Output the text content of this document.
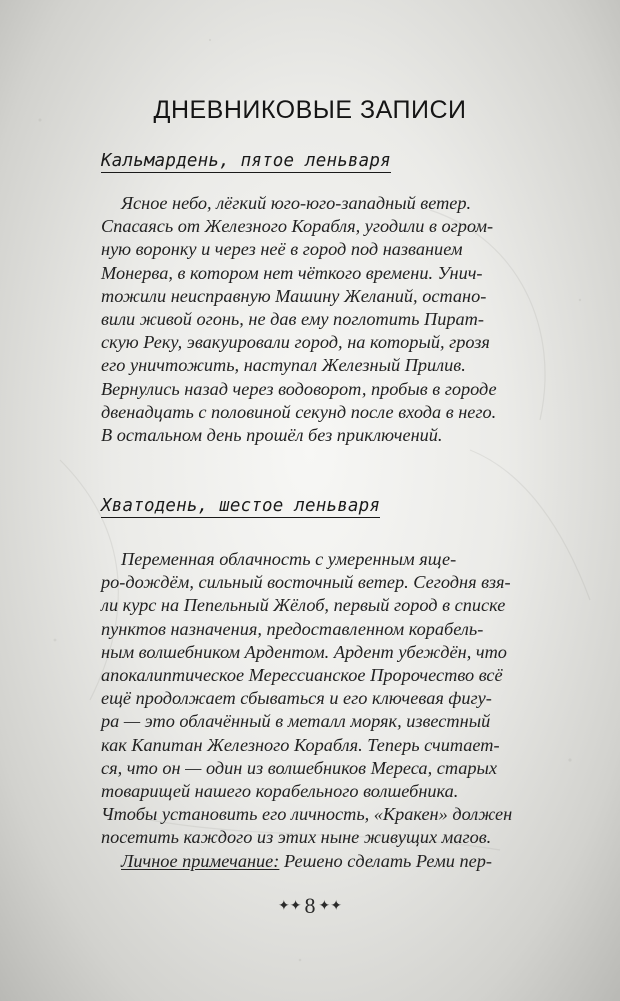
ДНЕВНИКОВЫЕ ЗАПИСИ
Кальмардень, пятое леньваря
Ясное небо, лёгкий юго-юго-западный ветер.
Спасаясь от Железного Корабля, угодили в огром-
ную воронку и через неё в город под названием
Монерва, в котором нет чёткого времени. Унич-
тожили неисправную Машину Желаний, остано-
вили живой огонь, не дав ему поглотить Пират-
скую Реку, эвакуировали город, на который, грозя
его уничтожить, наступал Железный Прилив.
Вернулись назад через водоворот, пробыв в городе
двенадцать с половиной секунд после входа в него.
В остальном день прошёл без приключений.
Хватодень, шестое леньваря
Переменная облачность с умеренным яще-
ро-дождём, сильный восточный ветер. Сегодня взя-
ли курс на Пепельный Жёлоб, первый город в списке
пунктов назначения, предоставленном корабель-
ным волшебником Ардентом. Ардент убеждён, что
апокалиптическое Мерессианское Пророчество всё
ещё продолжает сбываться и его ключевая фигу-
ра — это облачённый в металл моряк, известный
как Капитан Железного Корабля. Теперь считает-
ся, что он — один из волшебников Мереса, старых
товарищей нашего корабельного волшебника.
Чтобы установить его личность, «Кракен» должен
посетить каждого из этих ныне живущих магов.
Личное примечание: Решено сделать Реми пер-
✦✦ 8 ✦✦
